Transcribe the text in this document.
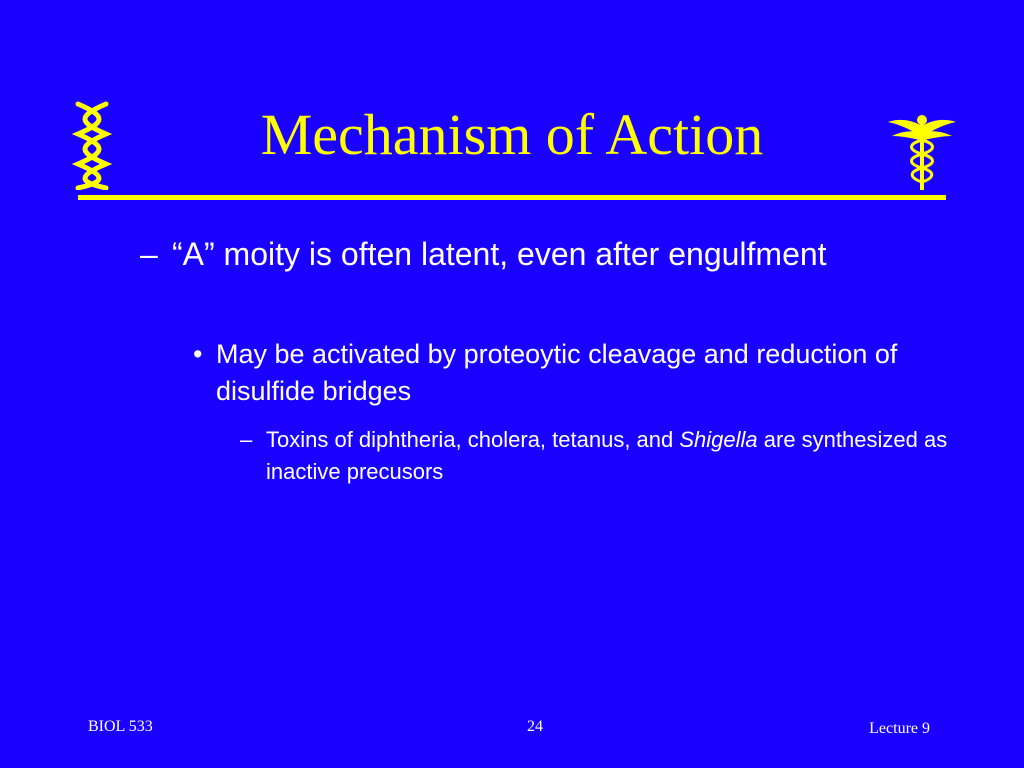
Mechanism of Action
– “A” moity is often latent, even after engulfment
• May be activated by proteoytic cleavage and reduction of disulfide bridges
– Toxins of diphtheria, cholera, tetanus, and Shigella are synthesized as inactive precusors
BIOL 533	24	Lecture 9
